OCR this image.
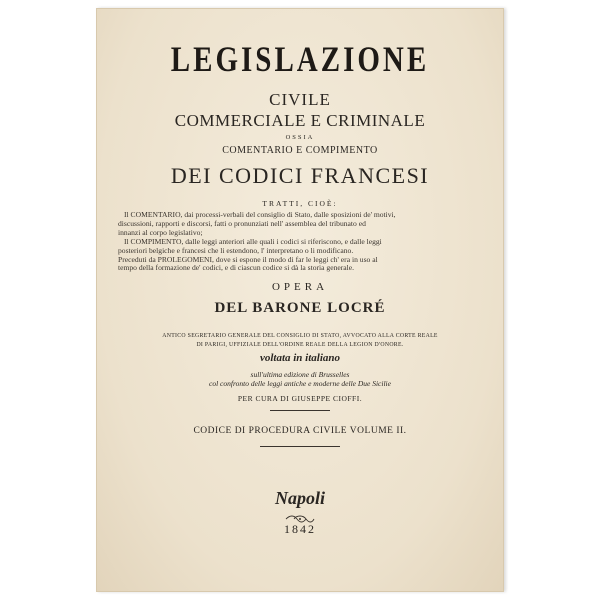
LEGISLAZIONE
CIVILE
COMMERCIALE E CRIMINALE
OSSIA
COMENTARIO E COMPIMENTO
DEI CODICI FRANCESI
TRATTI, CIOÈ:
Il COMENTARIO, dai processi-verbali del consiglio di Stato, dalle sposizioni de' motivi,
discussioni, rapporti e discorsi, fatti o pronunziati nell' assemblea del tribunato ed
innanzi al corpo legislativo;
Il COMPIMENTO, dalle leggi anteriori alle quali i codici si riferiscono, e dalle leggi
posteriori belgiche e francesi che li estendono, l' interpretano o li modificano.
Preceduti da PROLEGOMENI, dove si espone il modo di far le leggi ch' era in uso al
tempo della formazione de' codici, e di ciascun codice si dà la storia generale.
OPERA
DEL BARONE LOCRÉ
ANTICO SEGRETARIO GENERALE DEL CONSIGLIO DI STATO, AVVOCATO ALLA CORTE REALE
DI PARIGI, UFFIZIALE DELL'ORDINE REALE DELLA LEGION D'ONORE.
voltata in italiano
sull'ultima edizione di Brusselles
col confronto delle leggi antiche e moderne delle Due Sicilie
PER CURA DI GIUSEPPE CIOFFI.
CODICE DI PROCEDURA CIVILE VOLUME II.
Napoli
1842
